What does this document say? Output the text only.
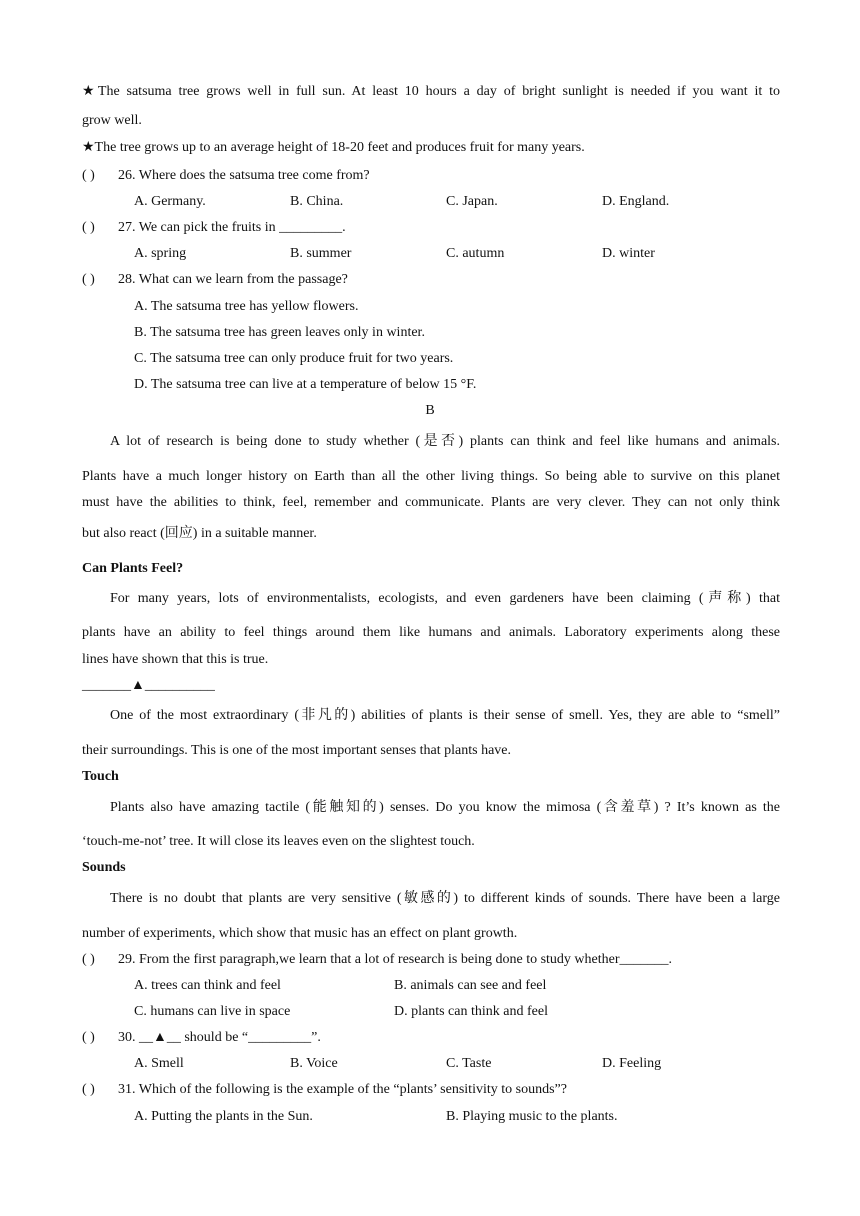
★The satsuma tree grows well in full sun. At least 10 hours a day of bright sunlight is needed if you want it to
grow well.
★The tree grows up to an average height of 18-20 feet and produces fruit for many years.
( ) 26. Where does the satsuma tree come from?
A. Germany.	B. China.	C. Japan.	D. England.
( ) 27. We can pick the fruits in _________.
A. spring	B. summer	C. autumn	D. winter
( ) 28. What can we learn from the passage?
A. The satsuma tree has yellow flowers.
B. The satsuma tree has green leaves only in winter.
C. The satsuma tree can only produce fruit for two years.
D. The satsuma tree can live at a temperature of below 15 °F.
B
A lot of research is being done to study whether (是否) plants can think and feel like humans and animals.
Plants have a much longer history on Earth than all the other living things. So being able to survive on this planet
must have the abilities to think, feel, remember and communicate. Plants are very clever. They can not only think
but also react (回应) in a suitable manner.
Can Plants Feel?
For many years, lots of environmentalists, ecologists, and even gardeners have been claiming (声称) that
plants have an ability to feel things around them like humans and animals. Laboratory experiments along these
lines have shown that this is true.
_______▲__________
One of the most extraordinary (非凡的) abilities of plants is their sense of smell. Yes, they are able to “smell”
their surroundings. This is one of the most important senses that plants have.
Touch
Plants also have amazing tactile (能触知的) senses. Do you know the mimosa (含羞草) ? It’s known as the
‘touch-me-not’ tree. It will close its leaves even on the slightest touch.
Sounds
There is no doubt that plants are very sensitive (敏感的) to different kinds of sounds. There have been a large
number of experiments, which show that music has an effect on plant growth.
( ) 29. From the first paragraph,we learn that a lot of research is being done to study whether_______.
A. trees can think and feel	B. animals can see and feel
C. humans can live in space	D. plants can think and feel
( ) 30. __▲__ should be “_________”.
A. Smell	B. Voice	C. Taste	D. Feeling
( ) 31. Which of the following is the example of the “plants’ sensitivity to sounds”?
A. Putting the plants in the Sun.	B. Playing music to the plants.
